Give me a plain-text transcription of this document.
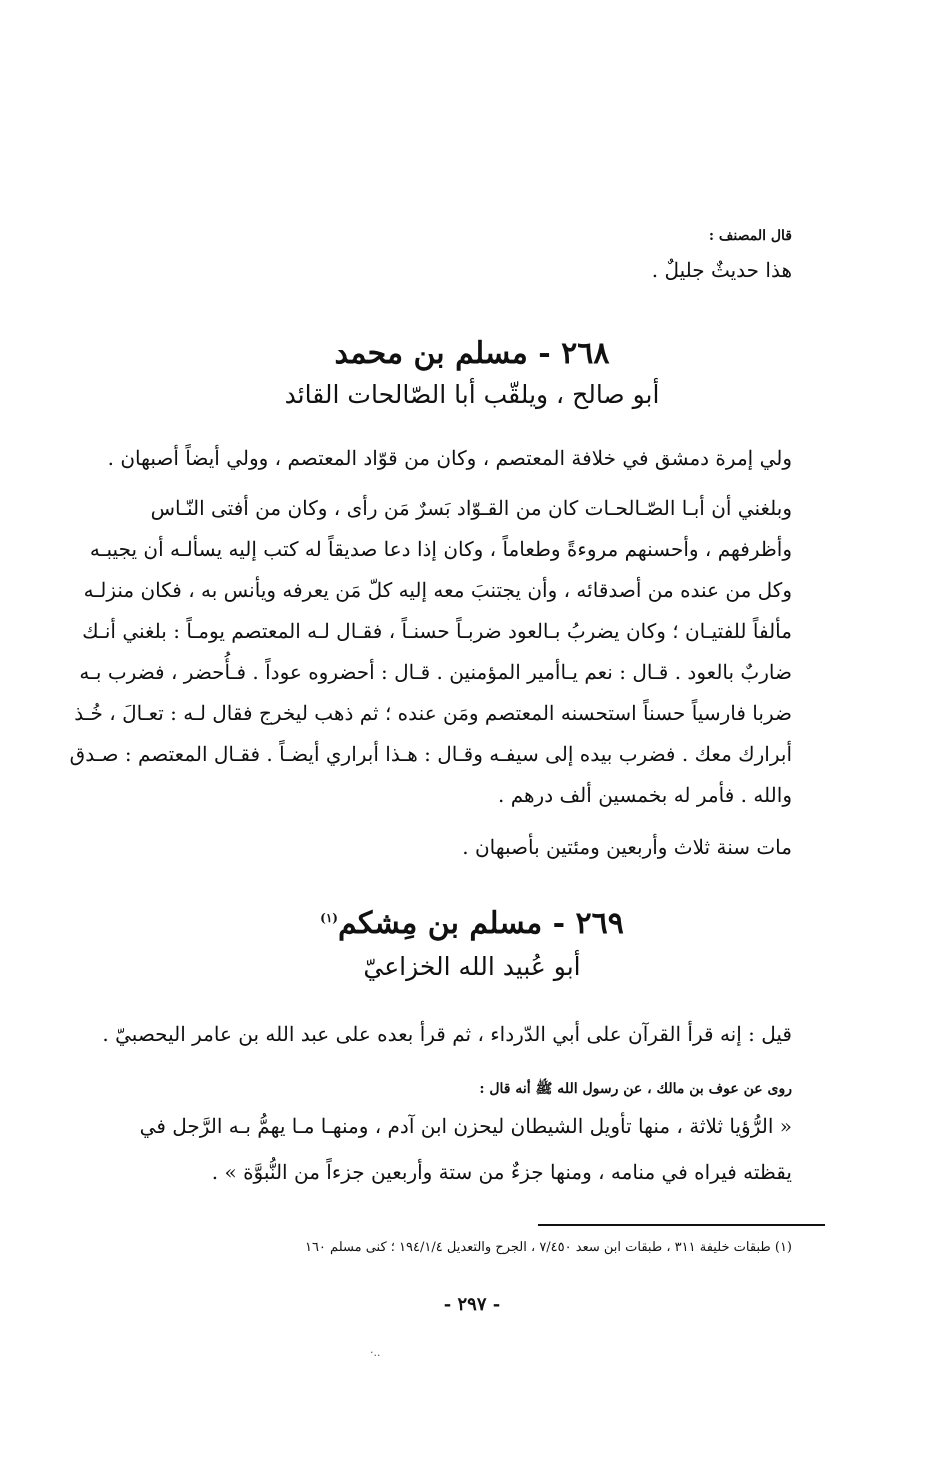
قال المصنف :
هذا حديثٌ جليلٌ .
٢٦٨ - مسلم بن محمد
أبو صالح ، ويلقّب أبا الصّالحات القائد
ولي إمرة دمشق في خلافة المعتصم ، وكان من قوّاد المعتصم ، وولي أيضاً أصبهان .
وبلغني أن أبـا الصّـالحـات كان من القـوّاد بَسرٌ مَن رأى ، وكان من أفتى النّـاس
وأظرفهم ، وأحسنهم مروءةً وطعاماً ، وكان إذا دعا صديقاً له كتب إليه يسألـه أن يجيبـه
وكل من عنده من أصدقائه ، وأن يجتنبَ معه إليه كلّ مَن يعرفه ويأنس به ، فكان منزلـه
مألفاً للفتيـان ؛ وكان يضربُ بـالعود ضربـاً حسنـاً ، فقـال لـه المعتصم يومـاً : بلغني أنـك
ضاربٌ بالعود . قـال : نعم يـاأمير المؤمنين . قـال : أحضروه عوداً . فـأُحضر ، فضرب بـه
ضربا فارسياً حسناً استحسنه المعتصم ومَن عنده ؛ ثم ذهب ليخرج فقال لـه : تعـالَ ، خُـذ
أبرارك معك . فضرب بيده إلى سيفـه وقـال : هـذا أبراري أيضـاً . فقـال المعتصم : صـدق
والله . فأمر له بخمسين ألف درهم .
مات سنة ثلاث وأربعين ومئتين بأصبهان .
٢٦٩ - مسلم بن مِشكم$^{(١)}$
أبو عُبيد الله الخزاعيّ
قيل : إنه قرأ القرآن على أبي الدّرداء ، ثم قرأ بعده على عبد الله بن عامر اليحصبيّ .
روى عن عوف بن مالك ، عن رسول الله ﷺ أنه قال :
« الرُّؤيا ثلاثة ، منها تأويل الشيطان ليحزن ابن آدم ، ومنهـا مـا يهمُّ بـه الرَّجل في
يقظته فيراه في منامه ، ومنها جزءٌ من ستة وأربعين جزءاً من النُّبوَّة » .
(١) طبقات خليفة ٣١١ ، طبقات ابن سعد ٧/٤٥٠ ، الجرح والتعديل ١٩٤/١/٤ ؛ كنى مسلم ١٦٠
- ٢٩٧ -
·..
